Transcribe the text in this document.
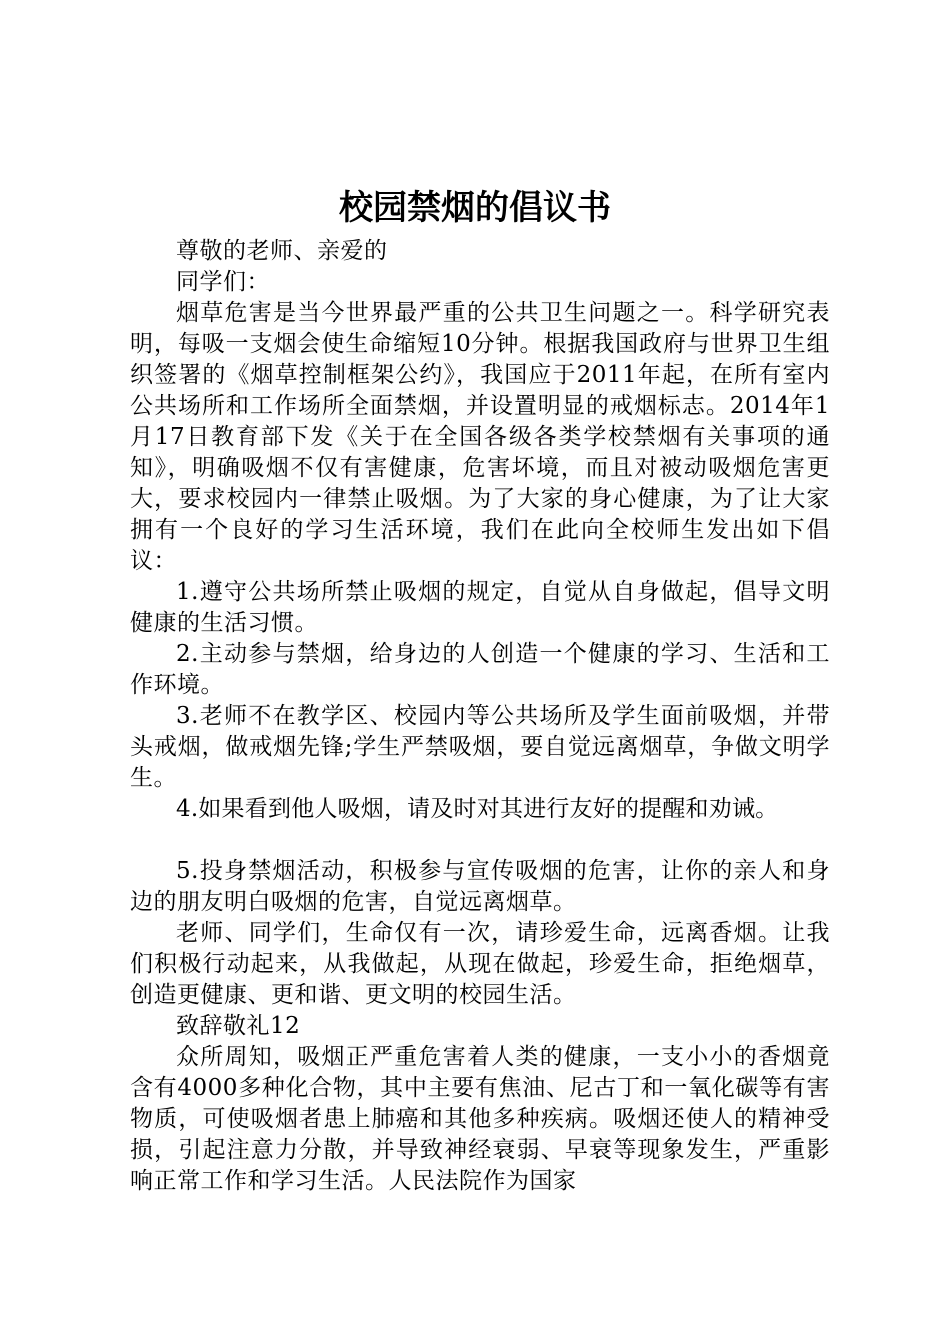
校园禁烟的倡议书

尊敬的老师、亲爱的

同学们：

烟草危害是当今世界最严重的公共卫生问题之一。科学研究表明，每吸一支烟会使生命缩短10分钟。根据我国政府与世界卫生组织签署的《烟草控制框架公约》，我国应于2011年起，在所有室内公共场所和工作场所全面禁烟，并设置明显的戒烟标志。2014年1月17日教育部下发《关于在全国各级各类学校禁烟有关事项的通知》，明确吸烟不仅有害健康，危害坏境，而且对被动吸烟危害更大，要求校园内一律禁止吸烟。为了大家的身心健康，为了让大家拥有一个良好的学习生活环境，我们在此向全校师生发出如下倡议：

1.遵守公共场所禁止吸烟的规定，自觉从自身做起，倡导文明健康的生活习惯。

2.主动参与禁烟，给身边的人创造一个健康的学习、生活和工作环境。

3.老师不在教学区、校园内等公共场所及学生面前吸烟，并带头戒烟，做戒烟先锋;学生严禁吸烟，要自觉远离烟草，争做文明学生。

4.如果看到他人吸烟，请及时对其进行友好的提醒和劝诫。

5.投身禁烟活动，积极参与宣传吸烟的危害，让你的亲人和身边的朋友明白吸烟的危害，自觉远离烟草。

老师、同学们，生命仅有一次，请珍爱生命，远离香烟。让我们积极行动起来，从我做起，从现在做起，珍爱生命，拒绝烟草，创造更健康、更和谐、更文明的校园生活。

致辞敬礼12

众所周知，吸烟正严重危害着人类的健康，一支小小的香烟竟含有4000多种化合物，其中主要有焦油、尼古丁和一氧化碳等有害物质，可使吸烟者患上肺癌和其他多种疾病。吸烟还使人的精神受损，引起注意力分散，并导致神经衰弱、早衰等现象发生，严重影响正常工作和学习生活。人民法院作为国家
